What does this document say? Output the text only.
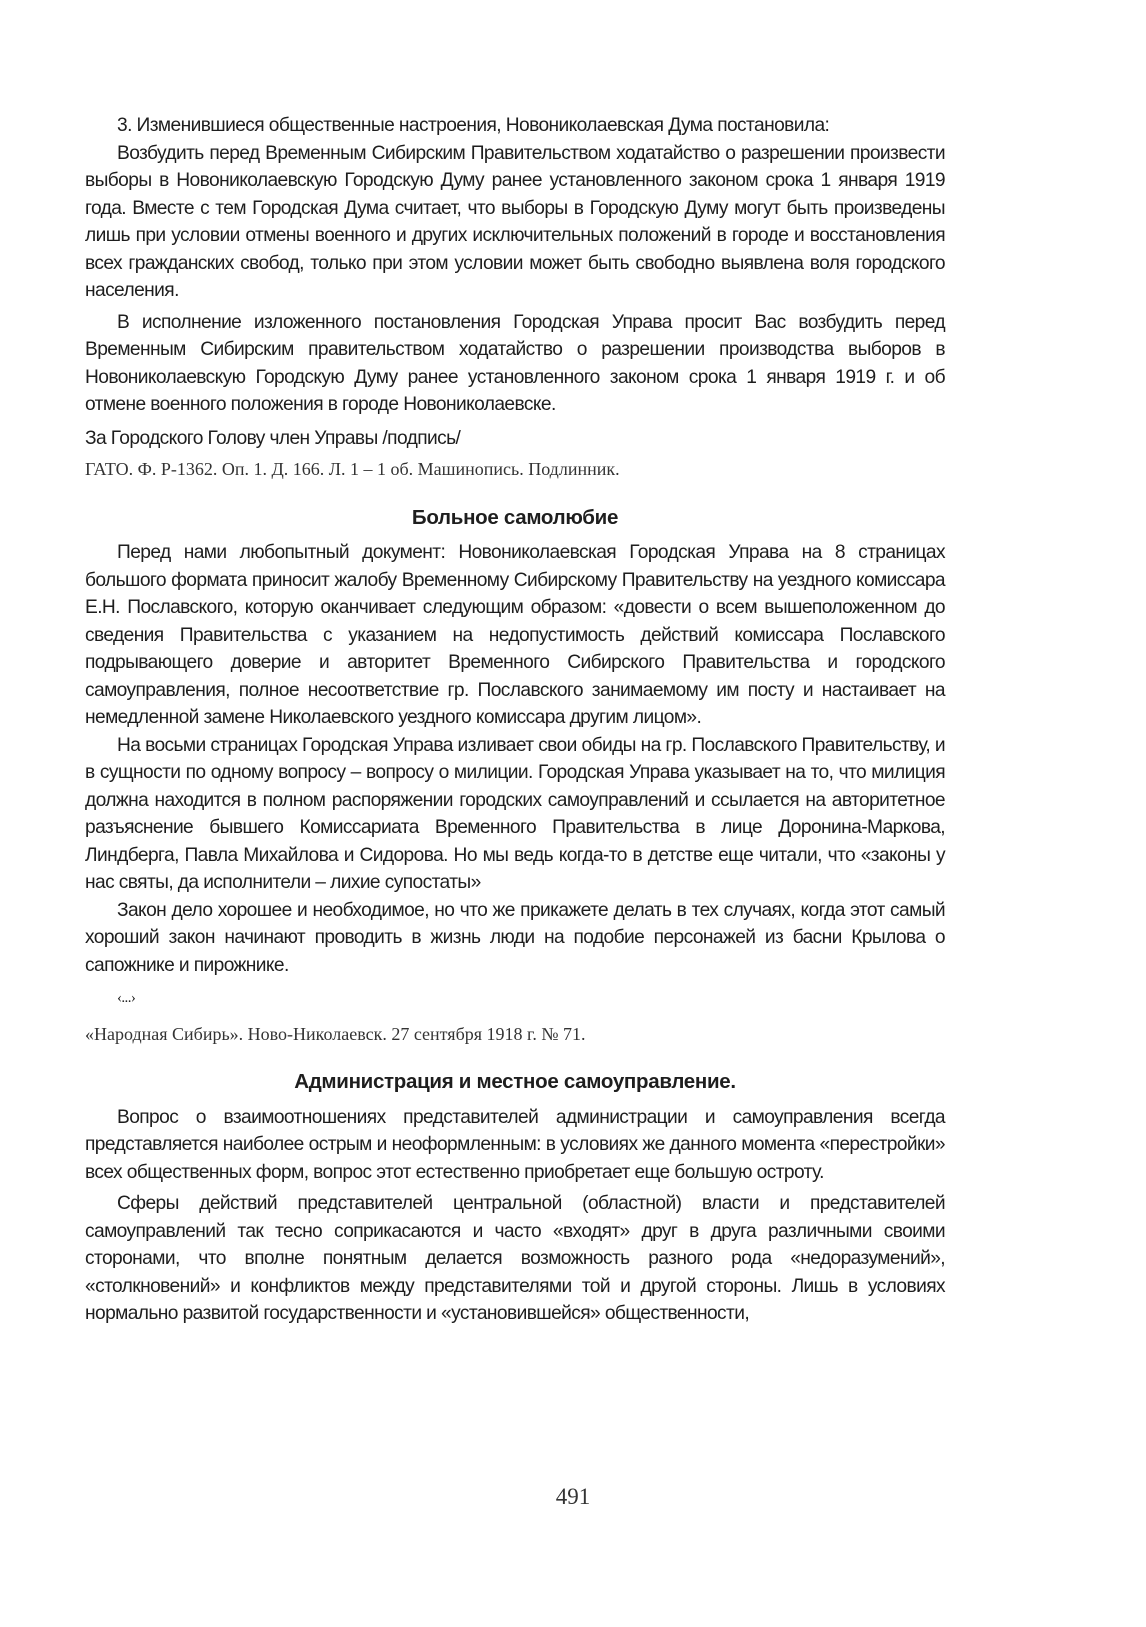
3. Изменившиеся общественные настроения, Новониколаевская Дума постановила:

Возбудить перед Временным Сибирским Правительством ходатайство о разрешении произвести выборы в Новониколаевскую Городскую Думу ранее установленного законом срока 1 января 1919 года. Вместе с тем Городская Дума считает, что выборы в Городскую Думу могут быть произведены лишь при условии отмены военного и других исключительных положений в городе и восстановления всех гражданских свобод, только при этом условии может быть свободно выявлена воля городского населения.

В исполнение изложенного постановления Городская Управа просит Вас возбудить перед Временным Сибирским правительством ходатайство о разрешении производства выборов в Новониколаевскую Городскую Думу ранее установленного законом срока 1 января 1919 г. и об отмене военного положения в городе Новониколаевске.

За Городского Голову член Управы /подпись/

ГАТО. Ф. Р-1362. Оп. 1. Д. 166. Л. 1 – 1 об. Машинопись. Подлинник.

Больное самолюбие

Перед нами любопытный документ: Новониколаевская Городская Управа на 8 страницах большого формата приносит жалобу Временному Сибирскому Правительству на уездного комиссара Е.Н. Пославского, которую оканчивает следующим образом: «довести о всем вышеположенном до сведения Правительства с указанием на недопустимость действий комиссара Пославского подрывающего доверие и авторитет Временного Сибирского Правительства и городского самоуправления, полное несоответствие гр. Пославского занимаемому им посту и настаивает на немедленной замене Николаевского уездного комиссара другим лицом».

На восьми страницах Городская Управа изливает свои обиды на гр. Пославского Правительству, и в сущности по одному вопросу – вопросу о милиции. Городская Управа указывает на то, что милиция должна находится в полном распоряжении городских самоуправлений и ссылается на авторитетное разъяснение бывшего Комиссариата Временного Правительства в лице Доронина-Маркова, Линдберга, Павла Михайлова и Сидорова. Но мы ведь когда-то в детстве еще читали, что «законы у нас святы, да исполнители – лихие супостаты»

Закон дело хорошее и необходимое, но что же прикажете делать в тех случаях, когда этот самый хороший закон начинают проводить в жизнь люди на подобие персонажей из басни Крылова о сапожнике и пирожнике.

‹...›

«Народная Сибирь». Ново-Николаевск. 27 сентября 1918 г. № 71.

Администрация и местное самоуправление.

Вопрос о взаимоотношениях представителей администрации и самоуправления всегда представляется наиболее острым и неоформленным: в условиях же данного момента «перестройки» всех общественных форм, вопрос этот естественно приобретает еще большую остроту.

Сферы действий представителей центральной (областной) власти и представителей самоуправлений так тесно соприкасаются и часто «входят» друг в друга различными своими сторонами, что вполне понятным делается возможность разного рода «недоразумений», «столкновений» и конфликтов между представителями той и другой стороны. Лишь в условиях нормально развитой государственности и «установившейся» общественности,

491
